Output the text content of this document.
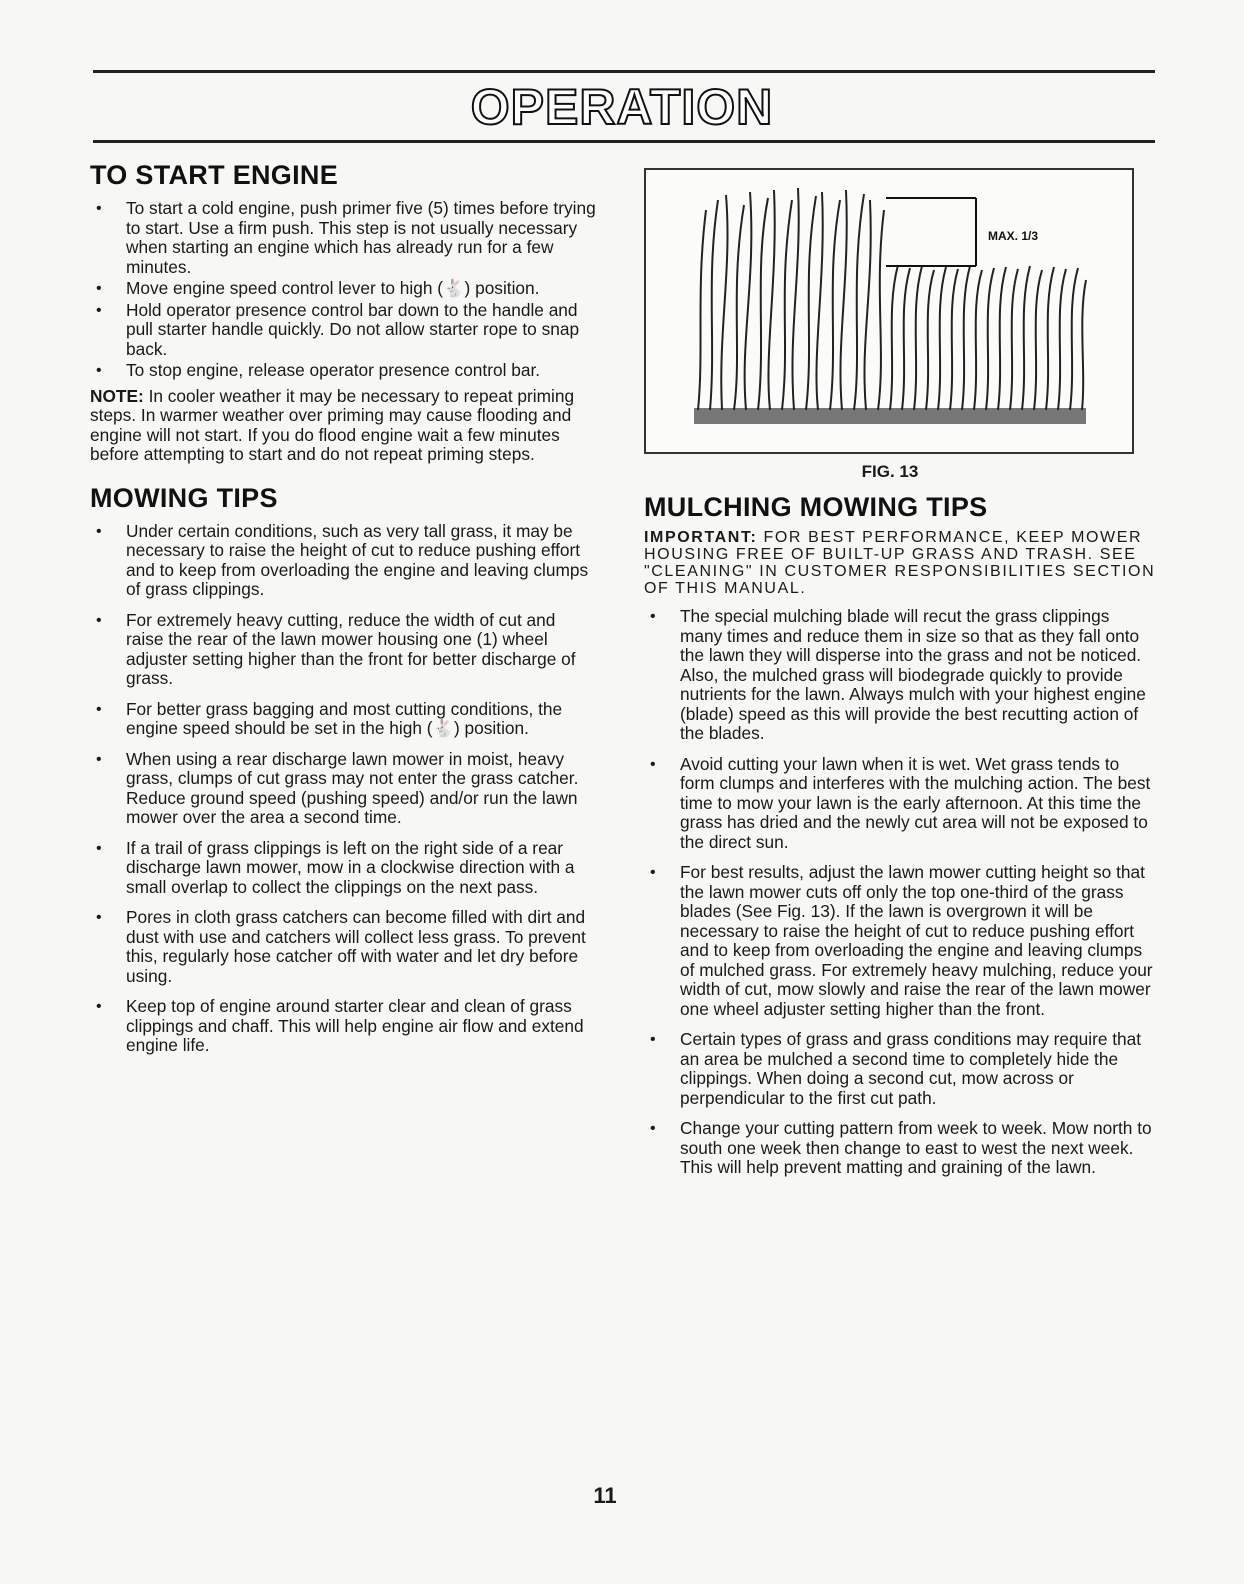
OPERATION
TO START ENGINE
• To start a cold engine, push primer five (5) times before trying to start. Use a firm push. This step is not usually necessary when starting an engine which has already run for a few minutes.
• Move engine speed control lever to high (🐇) position.
• Hold operator presence control bar down to the handle and pull starter handle quickly. Do not allow starter rope to snap back.
• To stop engine, release operator presence control bar.

NOTE: In cooler weather it may be necessary to repeat priming steps. In warmer weather over priming may cause flooding and engine will not start. If you do flood engine wait a few minutes before attempting to start and do not repeat priming steps.

MOWING TIPS
• Under certain conditions, such as very tall grass, it may be necessary to raise the height of cut to reduce pushing effort and to keep from overloading the engine and leaving clumps of grass clippings.
• For extremely heavy cutting, reduce the width of cut and raise the rear of the lawn mower housing one (1) wheel adjuster setting higher than the front for better discharge of grass.
• For better grass bagging and most cutting conditions, the engine speed should be set in the high (🐇) position.
• When using a rear discharge lawn mower in moist, heavy grass, clumps of cut grass may not enter the grass catcher. Reduce ground speed (pushing speed) and/or run the lawn mower over the area a second time.
• If a trail of grass clippings is left on the right side of a rear discharge lawn mower, mow in a clockwise direction with a small overlap to collect the clippings on the next pass.
• Pores in cloth grass catchers can become filled with dirt and dust with use and catchers will collect less grass. To prevent this, regularly hose catcher off with water and let dry before using.
• Keep top of engine around starter clear and clean of grass clippings and chaff. This will help engine air flow and extend engine life.
MAX. 1/3

FIG. 13

MULCHING MOWING TIPS

IMPORTANT: FOR BEST PERFORMANCE, KEEP MOWER HOUSING FREE OF BUILT-UP GRASS AND TRASH. SEE "CLEANING" IN CUSTOMER RESPONSIBILITIES SECTION OF THIS MANUAL.

• The special mulching blade will recut the grass clippings many times and reduce them in size so that as they fall onto the lawn they will disperse into the grass and not be noticed. Also, the mulched grass will biodegrade quickly to provide nutrients for the lawn. Always mulch with your highest engine (blade) speed as this will provide the best recutting action of the blades.
• Avoid cutting your lawn when it is wet. Wet grass tends to form clumps and interferes with the mulching action. The best time to mow your lawn is the early afternoon. At this time the grass has dried and the newly cut area will not be exposed to the direct sun.
• For best results, adjust the lawn mower cutting height so that the lawn mower cuts off only the top one-third of the grass blades (See Fig. 13). If the lawn is overgrown it will be necessary to raise the height of cut to reduce pushing effort and to keep from overloading the engine and leaving clumps of mulched grass. For extremely heavy mulching, reduce your width of cut, mow slowly and raise the rear of the lawn mower one wheel adjuster setting higher than the front.
• Certain types of grass and grass conditions may require that an area be mulched a second time to completely hide the clippings. When doing a second cut, mow across or perpendicular to the first cut path.
• Change your cutting pattern from week to week. Mow north to south one week then change to east to west the next week. This will help prevent matting and graining of the lawn.
11
